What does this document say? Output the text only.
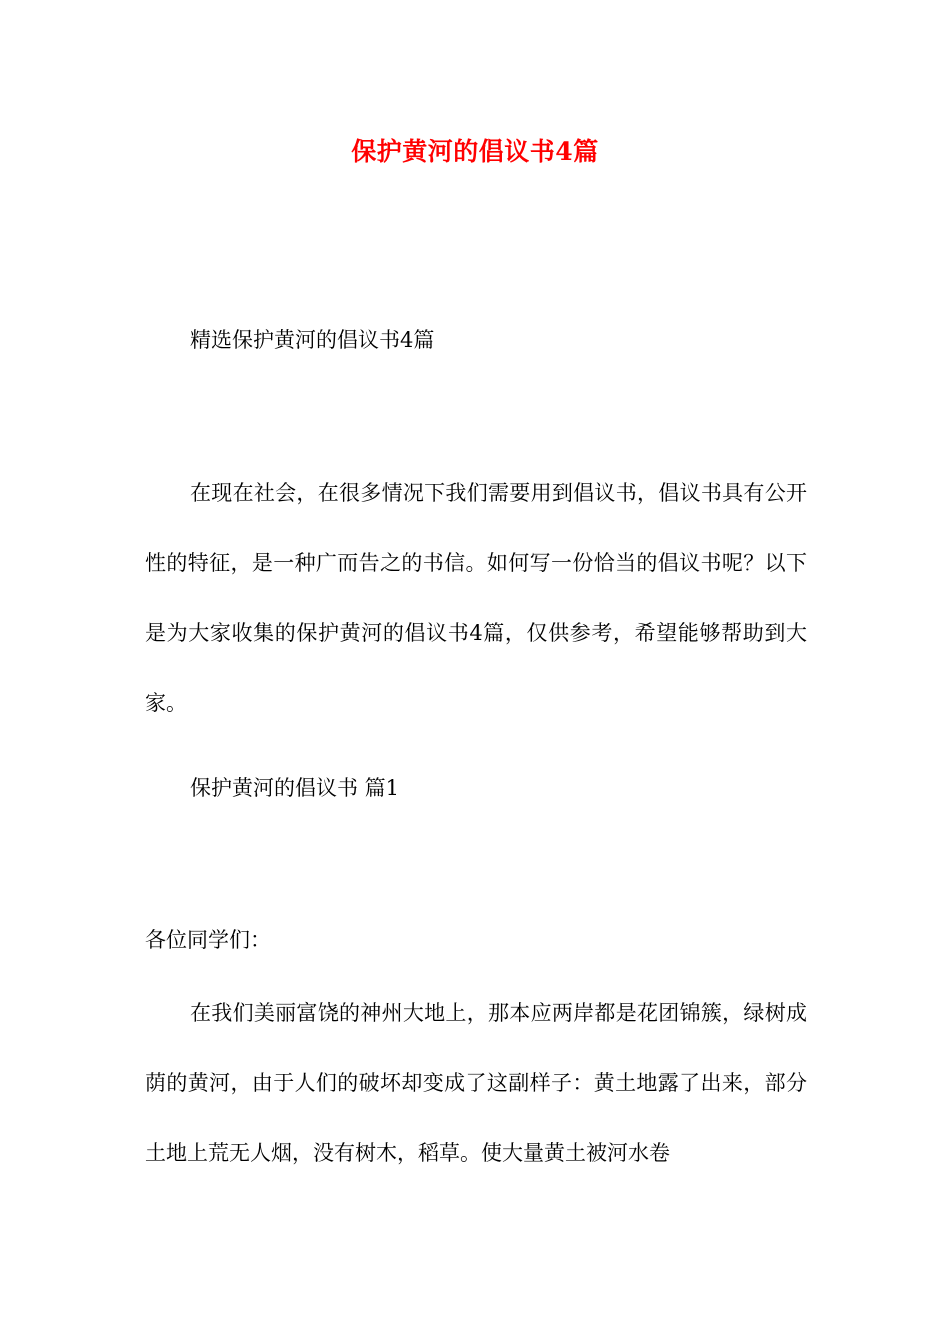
保护黄河的倡议书4篇
精选保护黄河的倡议书4篇

在现在社会，在很多情况下我们需要用到倡议书，倡议书具有公开性的特征，是一种广而告之的书信。如何写一份恰当的倡议书呢？以下是为大家收集的保护黄河的倡议书4篇，仅供参考，希望能够帮助到大家。

保护黄河的倡议书 篇1
各位同学们：

在我们美丽富饶的神州大地上，那本应两岸都是花团锦簇，绿树成荫的黄河，由于人们的破坏却变成了这副样子：黄土地露了出来，部分土地上荒无人烟，没有树木，稻草。使大量黄土被河水卷
